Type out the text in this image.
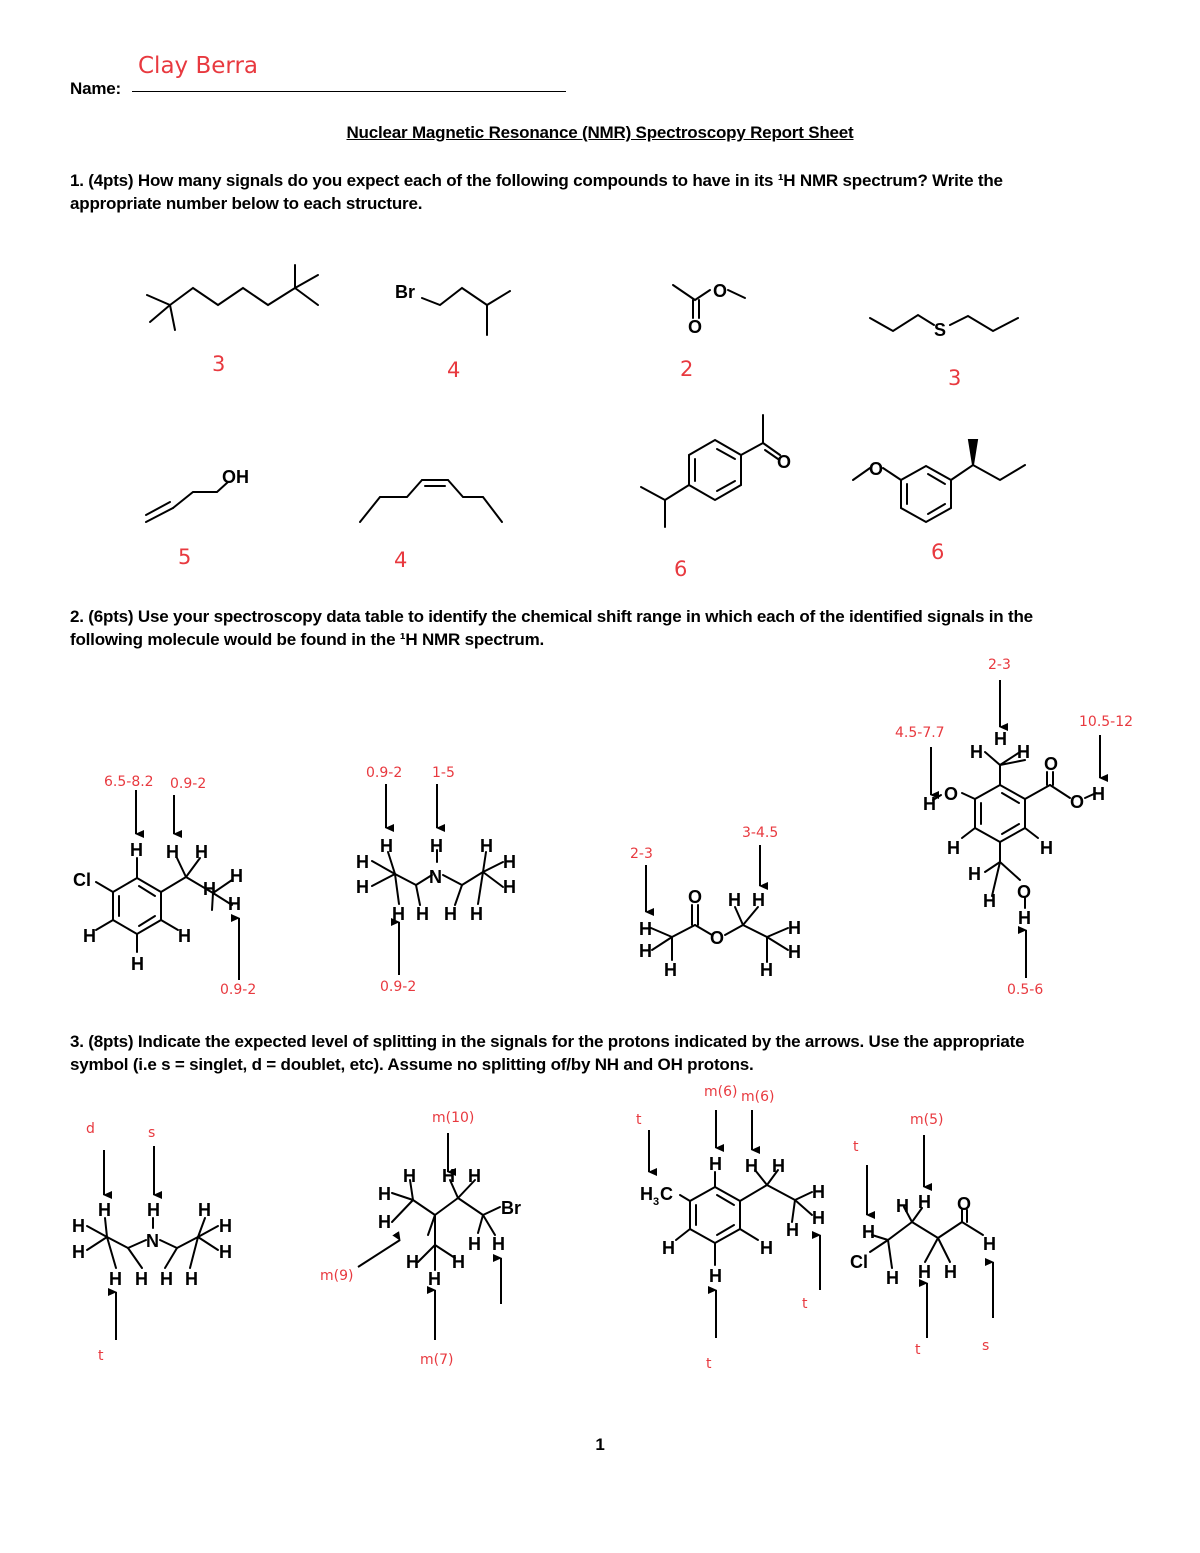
Clay Berra
Name:
Nuclear Magnetic Resonance (NMR) Spectroscopy Report Sheet
1. (4pts) How many signals do you expect each of the following compounds to have in its ¹H NMR spectrum? Write the
appropriate number below to each structure.
2. (6pts) Use your spectroscopy data table to identify the chemical shift range in which each of the identified signals in the
following molecule would be found in the ¹H NMR spectrum.
3. (8pts) Indicate the expected level of splitting in the signals for the protons indicated by the arrows. Use the appropriate
symbol (i.e s = singlet, d = doublet, etc). Assume no splitting of/by NH and OH protons.
Br	O
O	S
OH
O	O
Cl
H H H
H
H
H
H	H
H
H H H
H
H	N
H
H
H H H H
O H H
H	O	H
H	H
H	H
H
H
H
O
O
H	O H
H	H
H
H O
H
H H H
H
H
N
H
H
H H H H
H H H
H
Br
H
H H
H H
H
H H H
H 3 C	H
H
H
H	H
H
H H O
H
H
Cl	H H
H
3	4	2	3
5	4	6
6
6.5-8.2 0.9-2
0.9-2
0.9-2 1-5
0.9-2
2-3
3-4.5
2-3
4.5-7.7
10.5-12
0.5-6
d	s
t
m(10)
m(9)
m(7)
m(6) m(6)
t
t
t
m(5)
t
t	s
1
